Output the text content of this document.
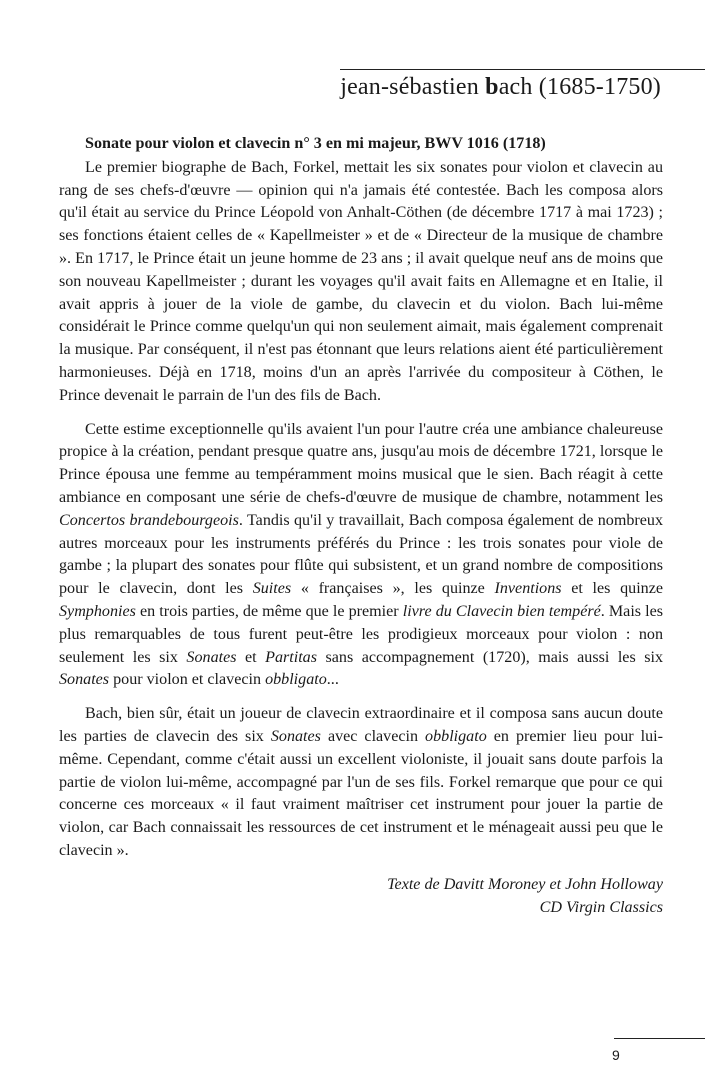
jean-sébastien bach (1685-1750)
Sonate pour violon et clavecin n° 3 en mi majeur, BWV 1016 (1718)

Le premier biographe de Bach, Forkel, mettait les six sonates pour violon et clavecin au rang de ses chefs-d'œuvre — opinion qui n'a jamais été contestée. Bach les composa alors qu'il était au service du Prince Léopold von Anhalt-Cöthen (de décembre 1717 à mai 1723) ; ses fonctions étaient celles de « Kapellmeister » et de « Directeur de la musique de chambre ». En 1717, le Prince était un jeune homme de 23 ans ; il avait quelque neuf ans de moins que son nouveau Kapellmeister ; durant les voyages qu'il avait faits en Allemagne et en Italie, il avait appris à jouer de la viole de gambe, du clavecin et du violon. Bach lui-même considérait le Prince comme quelqu'un qui non seulement aimait, mais également comprenait la musique. Par conséquent, il n'est pas étonnant que leurs relations aient été particulièrement harmonieuses. Déjà en 1718, moins d'un an après l'arrivée du compositeur à Cöthen, le Prince devenait le parrain de l'un des fils de Bach.

Cette estime exceptionnelle qu'ils avaient l'un pour l'autre créa une ambiance chaleureuse propice à la création, pendant presque quatre ans, jusqu'au mois de décembre 1721, lorsque le Prince épousa une femme au tempéramment moins musical que le sien. Bach réagit à cette ambiance en composant une série de chefs-d'œuvre de musique de chambre, notamment les Concertos brandebourgeois. Tandis qu'il y travaillait, Bach composa également de nombreux autres morceaux pour les instruments préférés du Prince : les trois sonates pour viole de gambe ; la plupart des sonates pour flûte qui subsistent, et un grand nombre de compositions pour le clavecin, dont les Suites « françaises », les quinze Inventions et les quinze Symphonies en trois parties, de même que le premier livre du Clavecin bien tempéré. Mais les plus remarquables de tous furent peut-être les prodigieux morceaux pour violon : non seulement les six Sonates et Partitas sans accompagnement (1720), mais aussi les six Sonates pour violon et clavecin obbligato...

Bach, bien sûr, était un joueur de clavecin extraordinaire et il composa sans aucun doute les parties de clavecin des six Sonates avec clavecin obbligato en premier lieu pour lui-même. Cependant, comme c'était aussi un excellent violoniste, il jouait sans doute parfois la partie de violon lui-même, accompagné par l'un de ses fils. Forkel remarque que pour ce qui concerne ces morceaux « il faut vraiment maîtriser cet instrument pour jouer la partie de violon, car Bach connaissait les ressources de cet instrument et le ménageait aussi peu que le clavecin ».

Texte de Davitt Moroney et John Holloway
CD Virgin Classics
9
